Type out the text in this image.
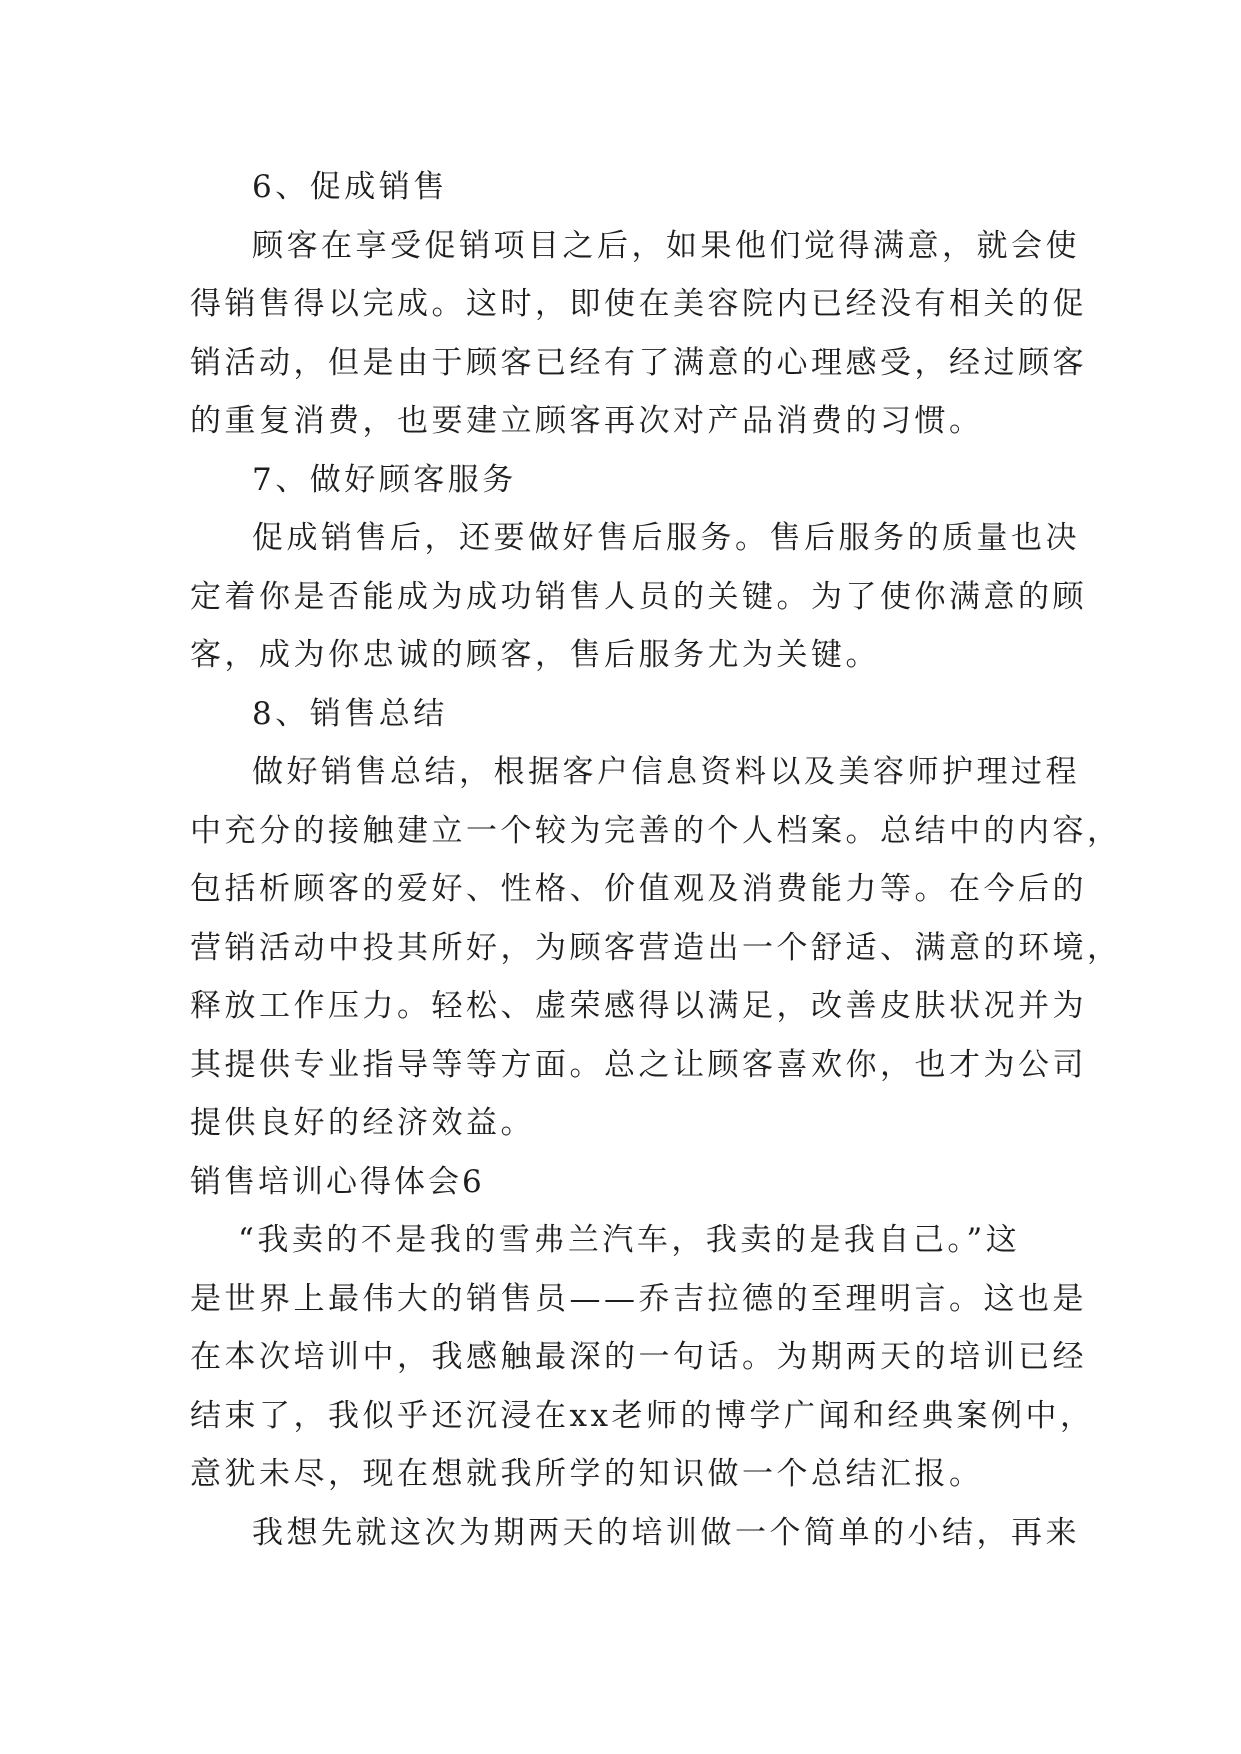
6、促成销售
顾客在享受促销项目之后，如果他们觉得满意，就会使
得销售得以完成。这时，即使在美容院内已经没有相关的促
销活动，但是由于顾客已经有了满意的心理感受，经过顾客
的重复消费，也要建立顾客再次对产品消费的习惯。
7、做好顾客服务
促成销售后，还要做好售后服务。售后服务的质量也决
定着你是否能成为成功销售人员的关键。为了使你满意的顾
客，成为你忠诚的顾客，售后服务尤为关键。
8、销售总结
做好销售总结，根据客户信息资料以及美容师护理过程
中充分的接触建立一个较为完善的个人档案。总结中的内容，
包括析顾客的爱好、性格、价值观及消费能力等。在今后的
营销活动中投其所好，为顾客营造出一个舒适、满意的环境，
释放工作压力。轻松、虚荣感得以满足，改善皮肤状况并为
其提供专业指导等等方面。总之让顾客喜欢你，也才为公司
提供良好的经济效益。
销售培训心得体会6
“我卖的不是我的雪弗兰汽车，我卖的是我自己。”这
是世界上最伟大的销售员——乔吉拉德的至理明言。这也是
在本次培训中，我感触最深的一句话。为期两天的培训已经
结束了，我似乎还沉浸在xx老师的博学广闻和经典案例中，
意犹未尽，现在想就我所学的知识做一个总结汇报。
我想先就这次为期两天的培训做一个简单的小结，再来
